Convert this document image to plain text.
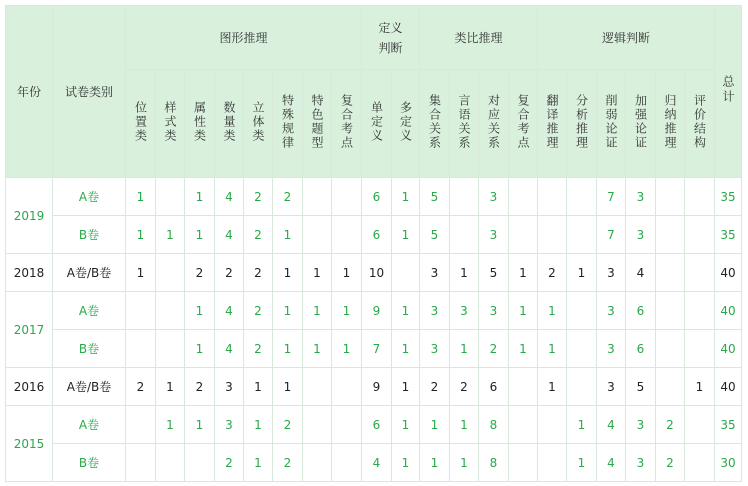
年份	试卷类别	图形推理								定义判断		类比推理				逻辑判断						总计
		位置类	样式类	属性类	数量类	立体类	特殊规律	特色题型	复合考点	单定义	多定义	集合关系	言语关系	对应关系	复合考点	翻译推理	分析推理	削弱论证	加强论证	归纳推理	评价结构	
2019	A卷	1		1	4	2	2			6	1	5		3				7	3			35
	B卷	1	1	1	4	2	1			6	1	5		3				7	3			35
2018	A卷/B卷	1		2	2	2	1	1	1	10		3	1	5	1	2	1	3	4			40
2017	A卷			1	4	2	1	1	1	9	1	3	3	3	1	1		3	6			40
	B卷			1	4	2	1	1	1	7	1	3	1	2	1	1		3	6			40
2016	A卷/B卷	2	1	2	3	1	1			9	1	2	2	6		1		3	5		1	40
2015	A卷		1	1	3	1	2			6	1	1	1	8			1	4	3	2		35
	B卷				2	1	2			4	1	1	1	8			1	4	3	2		30
